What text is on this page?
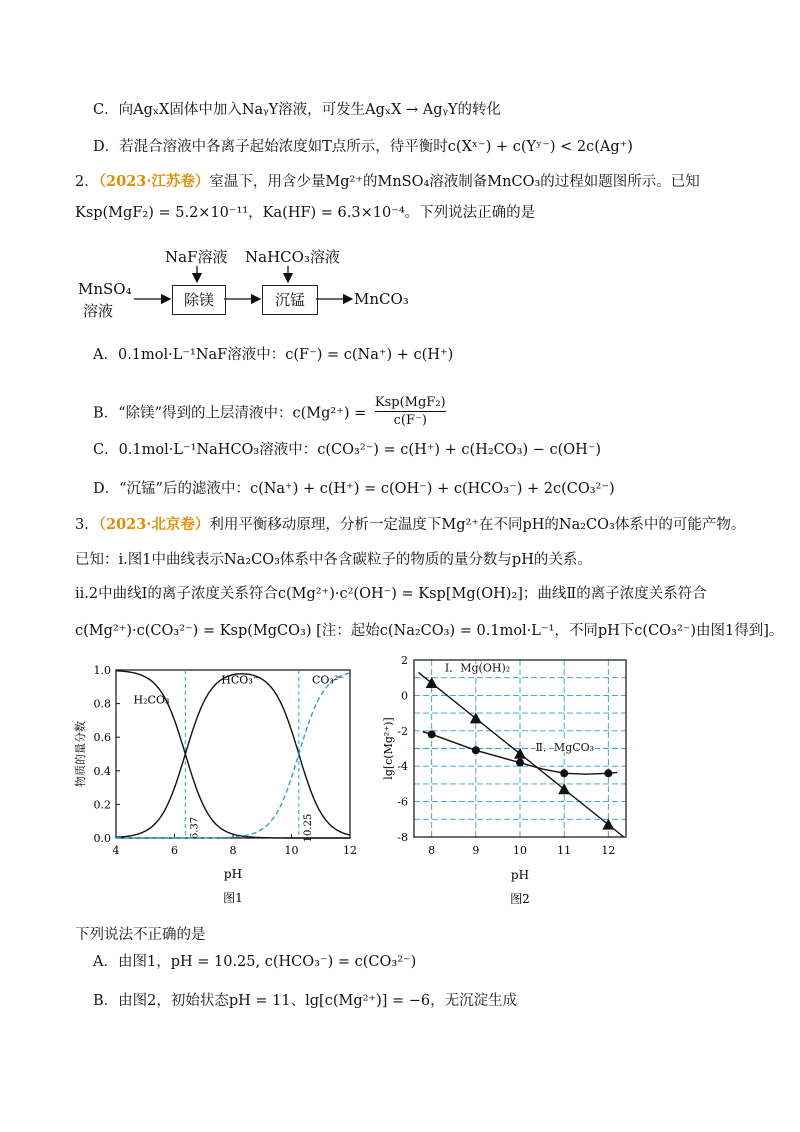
C．向AgₓX固体中加入NaᵧY溶液，可发生AgₓX → AgᵧY的转化
D．若混合溶液中各离子起始浓度如T点所示，待平衡时c(Xˣ⁻) + c(Yʸ⁻) < 2c(Ag⁺)
2．（2023·江苏卷）室温下，用含少量Mg²⁺的MnSO₄溶液制备MnCO₃的过程如题图所示。已知
Ksp(MgF₂) = 5.2×10⁻¹¹，Ka(HF) = 6.3×10⁻⁴。下列说法正确的是
MnSO₄
溶液
NaF溶液 NaHCO₃溶液
除镁	沉锰	MnCO₃
A．0.1mol·L⁻¹NaF溶液中：c(F⁻) = c(Na⁺) + c(H⁺)
B．“除镁”得到的上层清液中：c(Mg²⁺) =
Ksp(MgF₂)
c(F⁻)
C．0.1mol·L⁻¹NaHCO₃溶液中：c(CO₃²⁻) = c(H⁺) + c(H₂CO₃) − c(OH⁻)
D．“沉锰”后的滤液中：c(Na⁺) + c(H⁺) = c(OH⁻) + c(HCO₃⁻) + 2c(CO₃²⁻)
3．（2023·北京卷）利用平衡移动原理，分析一定温度下Mg²⁺在不同pH的Na₂CO₃体系中的可能产物。
已知：i.图1中曲线表示Na₂CO₃体系中各含碳粒子的物质的量分数与pH的关系。
ii.2中曲线Ⅰ的离子浓度关系符合c(Mg²⁺)·c²(OH⁻) = Ksp[Mg(OH)₂]；曲线Ⅱ的离子浓度关系符合
c(Mg²⁺)·c(CO₃²⁻) = Ksp(MgCO₃) [注：起始c(Na₂CO₃) = 0.1mol·L⁻¹，不同pH下c(CO₃²⁻)由图1得到]。
4	6	8	10	12
0.0
0.2
0.4
0.6
0.8
1.0
pH
物质的量分数
图1
6.37	10.25
H₂CO₃
HCO₃⁻	CO₃²⁻
8	9	10	11	12
2
0
-2
-4
-6
-8
pH
lg[c(Mg²⁺)]
图2
Ⅰ．Mg(OH)₂
Ⅱ．MgCO₃
下列说法不正确的是
A．由图1，pH = 10.25, c(HCO₃⁻) = c(CO₃²⁻)
B．由图2，初始状态pH = 11、lg[c(Mg²⁺)] = −6，无沉淀生成
